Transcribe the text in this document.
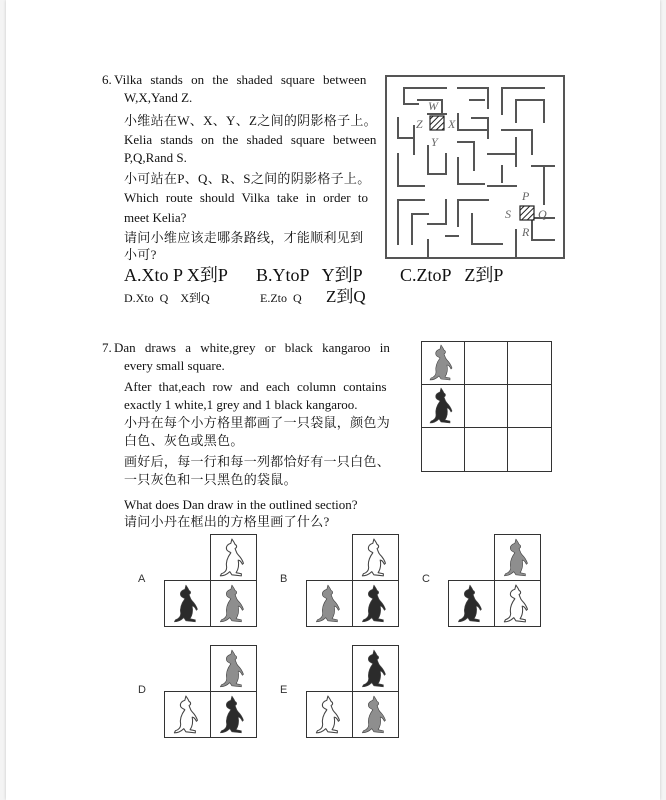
6. Vilka stands on the shaded square between
W,X,Yand Z.
小维站在W、X、Y、Z之间的阴影格子上。
Kelia stands on the shaded square between
P,Q,Rand S.
小可站在P、Q、R、S之间的阴影格子上。
Which route should Vilka take in order to
meet Kelia?
请问小维应该走哪条路线，才能顺利见到
小可?
A.Xto P X到P B.YtoP   Y到P C.ZtoP   Z到P
D.Xto  Q    X到Q	E.Zto  Q Z到Q
W
X
Y
Z
P
Q
R
S
7. Dan draws a white,grey or black kangaroo in
every small square.
After that,each row and each column contains
exactly 1 white,1 grey and 1 black kangaroo.
小丹在每个小方格里都画了一只袋鼠，颜色为
白色、灰色或黑色。
画好后，每一行和每一列都恰好有一只白色、
一只灰色和一只黑色的袋鼠。
What does Dan draw in the outlined section?
请问小丹在框出的方格里画了什么?
A	B	C
D	E
